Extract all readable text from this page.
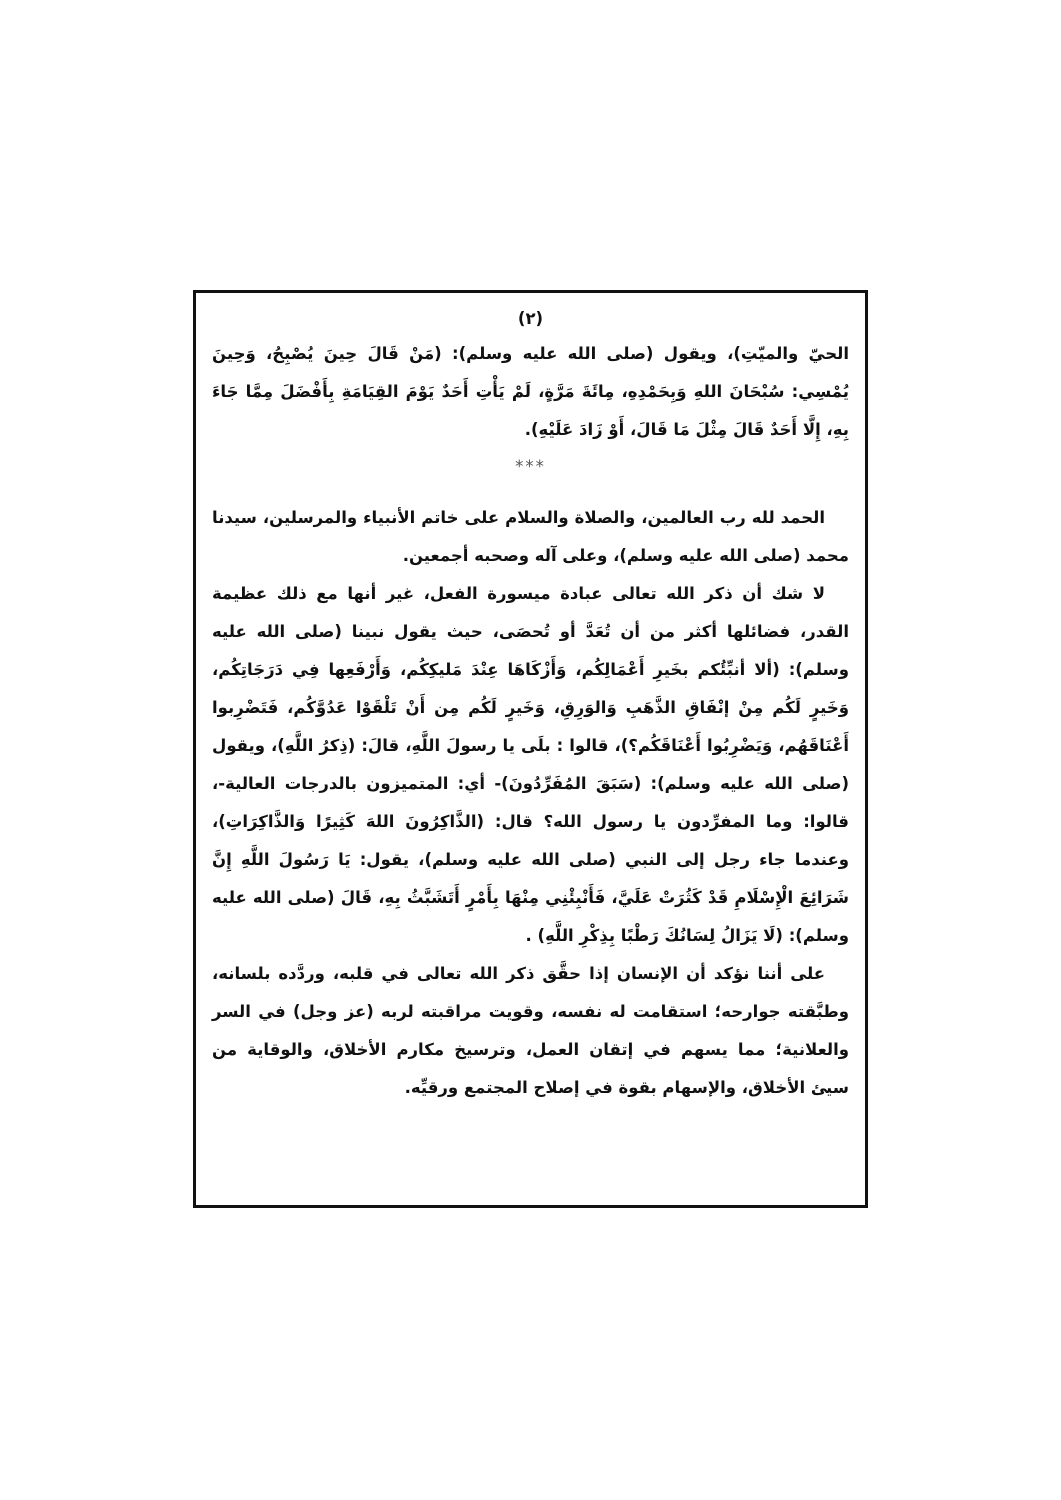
(٢)

الحيّ والميّتِ)، ويقول (صلى الله عليه وسلم): (مَنْ قَالَ حِينَ يُصْبِحُ، وَحِينَ يُمْسِي: سُبْحَانَ اللهِ وَبِحَمْدِهِ، مِائَةَ مَرَّةٍ، لَمْ يَأْتِ أَحَدٌ يَوْمَ القِيَامَةِ بِأَفْضَلَ مِمَّا جَاءَ بِهِ، إِلَّا أَحَدٌ قَالَ مِثْلَ مَا قَالَ، أَوْ زَادَ عَلَيْهِ).

***

الحمد لله رب العالمين، والصلاة والسلام على خاتم الأنبياء والمرسلين، سيدنا محمد (صلى الله عليه وسلم)، وعلى آله وصحبه أجمعين.

لا شك أن ذكر الله تعالى عبادة ميسورة الفعل، غير أنها مع ذلك عظيمة القدر، فضائلها أكثر من أن تُعَدَّ أو تُحصَى، حيث يقول نبينا (صلى الله عليه وسلم): (ألا أنبِّئُكم بخَيرِ أَعْمَالِكُم، وَأَزْكَاهَا عِنْدَ مَليكِكُم، وَأَرْفَعِها فِي دَرَجَاتِكُم، وَخَيرٍ لَكُم مِنْ إنْفَاقِ الذَّهَبِ وَالوَرِقِ، وَخَيرٍ لَكُم مِن أَنْ تَلْقَوْا عَدُوَّكُم، فَتَضْرِبوا أَعْنَاقَهُم، وَيَضْرِبُوا أَعْنَاقَكُم؟)، قالوا : بلَى يا رسولَ اللَّهِ، قالَ: (ذِكرُ اللَّهِ)، ويقول (صلى الله عليه وسلم): (سَبَقَ المُفَرِّدُونَ)- أي: المتميزون بالدرجات العالية-، قالوا: وما المفرِّدون يا رسول الله؟ قال: (الذَّاكِرُونَ اللهَ كَثِيرًا وَالذَّاكِرَاتِ)، وعندما جاء رجل إلى النبي (صلى الله عليه وسلم)، يقول: يَا رَسُولَ اللَّهِ إِنَّ شَرَائِعَ الْإِسْلَامِ قَدْ كَثُرَتْ عَلَيَّ، فَأَنْبِئْنِي مِنْهَا بِأَمْرٍ أَتَشَبَّثُ بِهِ، قَالَ (صلى الله عليه وسلم): (لَا يَزَالُ لِسَانُكَ رَطْبًا بِذِكْرِ اللَّهِ) .

على أننا نؤكد أن الإنسان إذا حقَّق ذكر الله تعالى في قلبه، وردَّده بلسانه، وطبَّقته جوارحه؛ استقامت له نفسه، وقويت مراقبته لربه (عز وجل) في السر والعلانية؛ مما يسهم في إتقان العمل، وترسيخ مكارم الأخلاق، والوقاية من سيئ الأخلاق، والإسهام بقوة في إصلاح المجتمع ورقيِّه.
